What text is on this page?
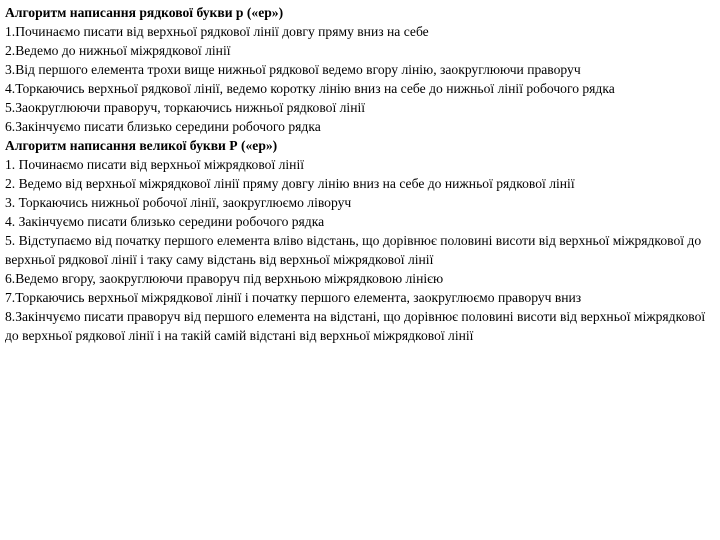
Алгоритм написання рядкової букви р («ер»)

1.Починаємо писати від верхньої рядкової лінії довгу пряму вниз на себе

2.Ведемо до нижньої міжрядкової лінії

3.Від першого елемента трохи вище нижньої рядкової ведемо вгору лінію, заокруглюючи праворуч

4.Торкаючись верхньої рядкової лінії, ведемо коротку лінію вниз на себе до нижньої лінії робочого рядка

5.Заокруглюючи праворуч, торкаючись нижньої рядкової лінії

6.Закінчуємо писати близько середини робочого рядка

Алгоритм написання великої букви Р («ер»)

1. Починаємо писати від верхньої міжрядкової лінії

2. Ведемо від верхньої міжрядкової лінії пряму довгу лінію вниз на себе до нижньої рядкової лінії

3. Торкаючись нижньої робочої лінії, заокруглюємо ліворуч

4. Закінчуємо писати близько середини робочого рядка

5. Відступаємо від початку першого елемента вліво відстань, що дорівнює половині висоти від верхньої міжрядкової до верхньої рядкової лінії і таку саму відстань від верхньої міжрядкової лінії

6.Ведемо вгору, заокруглюючи праворуч під верхньою міжрядковою лінією

7.Торкаючись верхньої міжрядкової лінії і початку першого елемента, заокруглюємо праворуч вниз

8.Закінчуємо писати праворуч від першого елемента на відстані, що дорівнює половині висоти від верхньої міжрядкової до верхньої рядкової лінії і на такій самій відстані від верхньої міжрядкової лінії
